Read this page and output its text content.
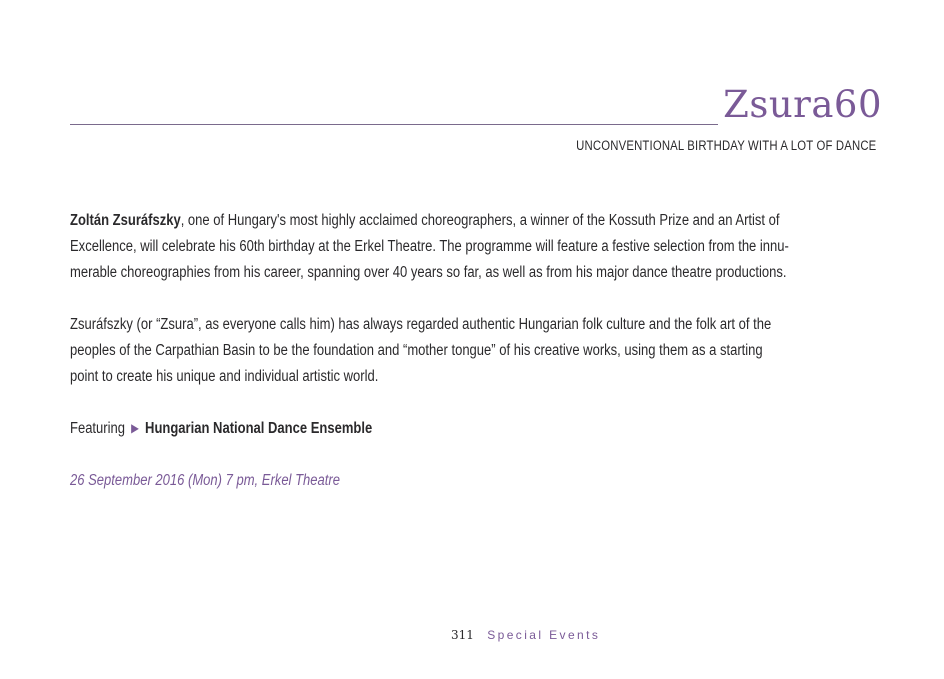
Zsura60
UNCONVENTIONAL BIRTHDAY WITH A LOT OF DANCE

Zoltán Zsuráfszky, one of Hungary's most highly acclaimed choreographers, a winner of the Kossuth Prize and an Artist of
Excellence, will celebrate his 60th birthday at the Erkel Theatre. The programme will feature a festive selection from the innu-
merable choreographies from his career, spanning over 40 years so far, as well as from his major dance theatre productions.

Zsuráfszky (or “Zsura”, as everyone calls him) has always regarded authentic Hungarian folk culture and the folk art of the
peoples of the Carpathian Basin to be the foundation and “mother tongue” of his creative works, using them as a starting
point to create his unique and individual artistic world.

Featuring ▶ Hungarian National Dance Ensemble

26 September 2016 (Mon) 7 pm, Erkel Theatre

311 Special Events
